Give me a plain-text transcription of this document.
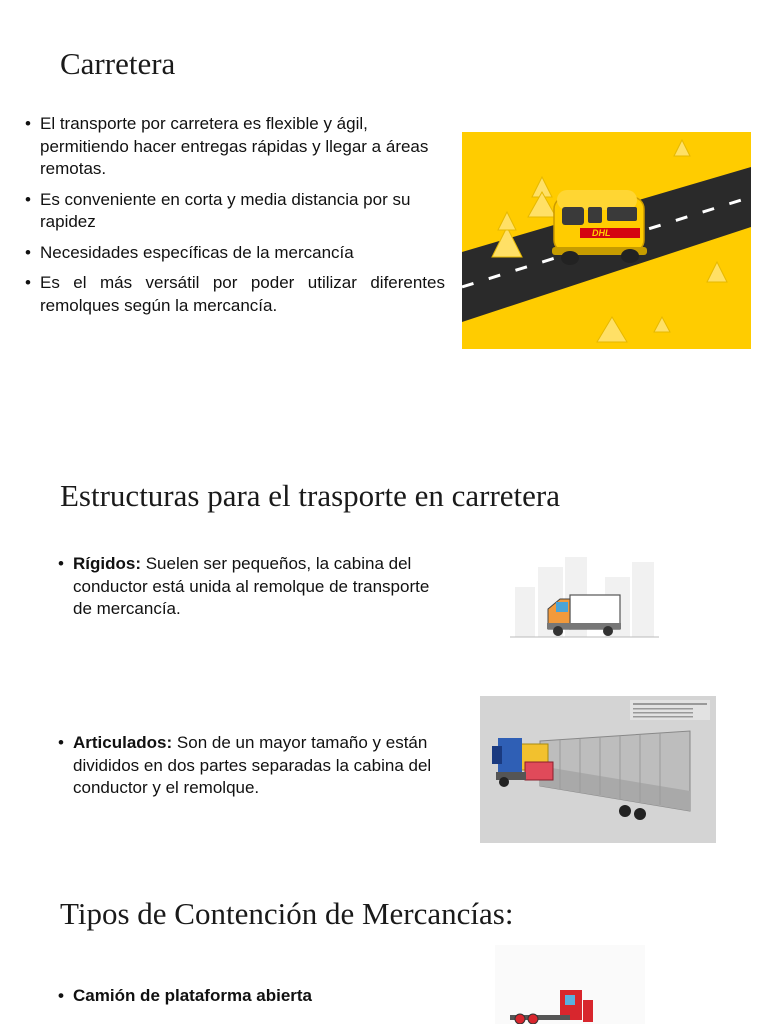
Carretera
• El transporte por carretera es flexible y ágil, permitiendo hacer entregas rápidas y llegar a áreas remotas.
• Es conveniente en corta y media distancia por su rapidez
• Necesidades específicas de la mercancía
• Es el más versátil por poder utilizar diferentes remolques según la mercancía.
DHL
Estructuras para el trasporte en carretera
• Rígidos: Suelen ser pequeños, la cabina del conductor está unida al remolque de transporte de mercancía.
• Articulados: Son de un mayor tamaño y están divididos en dos partes separadas la cabina del conductor y el remolque.
Tipos de Contención de Mercancías:
• Camión de plataforma abierta
